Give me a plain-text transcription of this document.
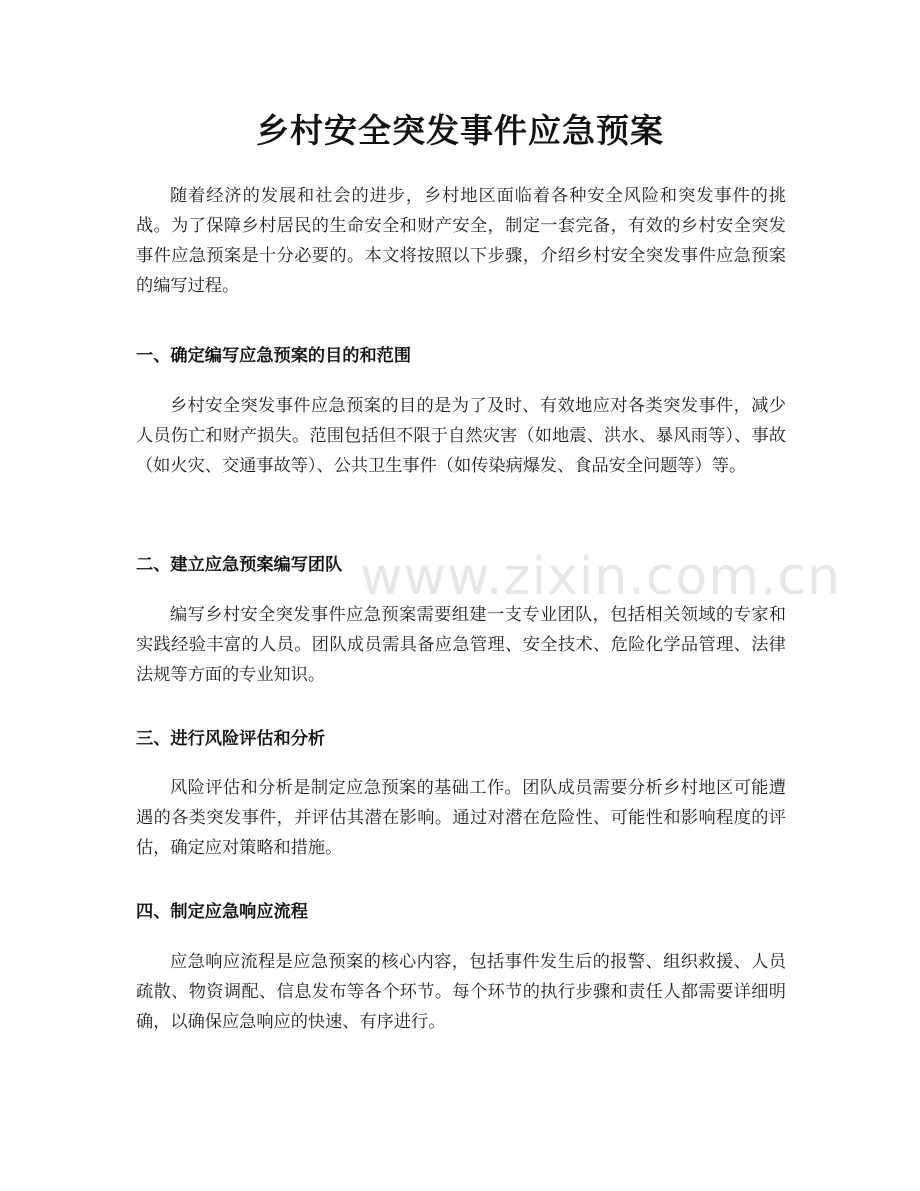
乡村安全突发事件应急预案

随着经济的发展和社会的进步，乡村地区面临着各种安全风险和突发事件的挑战。为了保障乡村居民的生命安全和财产安全，制定一套完备，有效的乡村安全突发事件应急预案是十分必要的。本文将按照以下步骤，介绍乡村安全突发事件应急预案的编写过程。

一、确定编写应急预案的目的和范围

乡村安全突发事件应急预案的目的是为了及时、有效地应对各类突发事件，减少人员伤亡和财产损失。范围包括但不限于自然灾害（如地震、洪水、暴风雨等）、事故（如火灾、交通事故等）、公共卫生事件（如传染病爆发、食品安全问题等）等。

二、建立应急预案编写团队

编写乡村安全突发事件应急预案需要组建一支专业团队，包括相关领域的专家和实践经验丰富的人员。团队成员需具备应急管理、安全技术、危险化学品管理、法律法规等方面的专业知识。

三、进行风险评估和分析

风险评估和分析是制定应急预案的基础工作。团队成员需要分析乡村地区可能遭遇的各类突发事件，并评估其潜在影响。通过对潜在危险性、可能性和影响程度的评估，确定应对策略和措施。

四、制定应急响应流程

应急响应流程是应急预案的核心内容，包括事件发生后的报警、组织救援、人员疏散、物资调配、信息发布等各个环节。每个环节的执行步骤和责任人都需要详细明确，以确保应急响应的快速、有序进行。

www.zixin.com.cn
